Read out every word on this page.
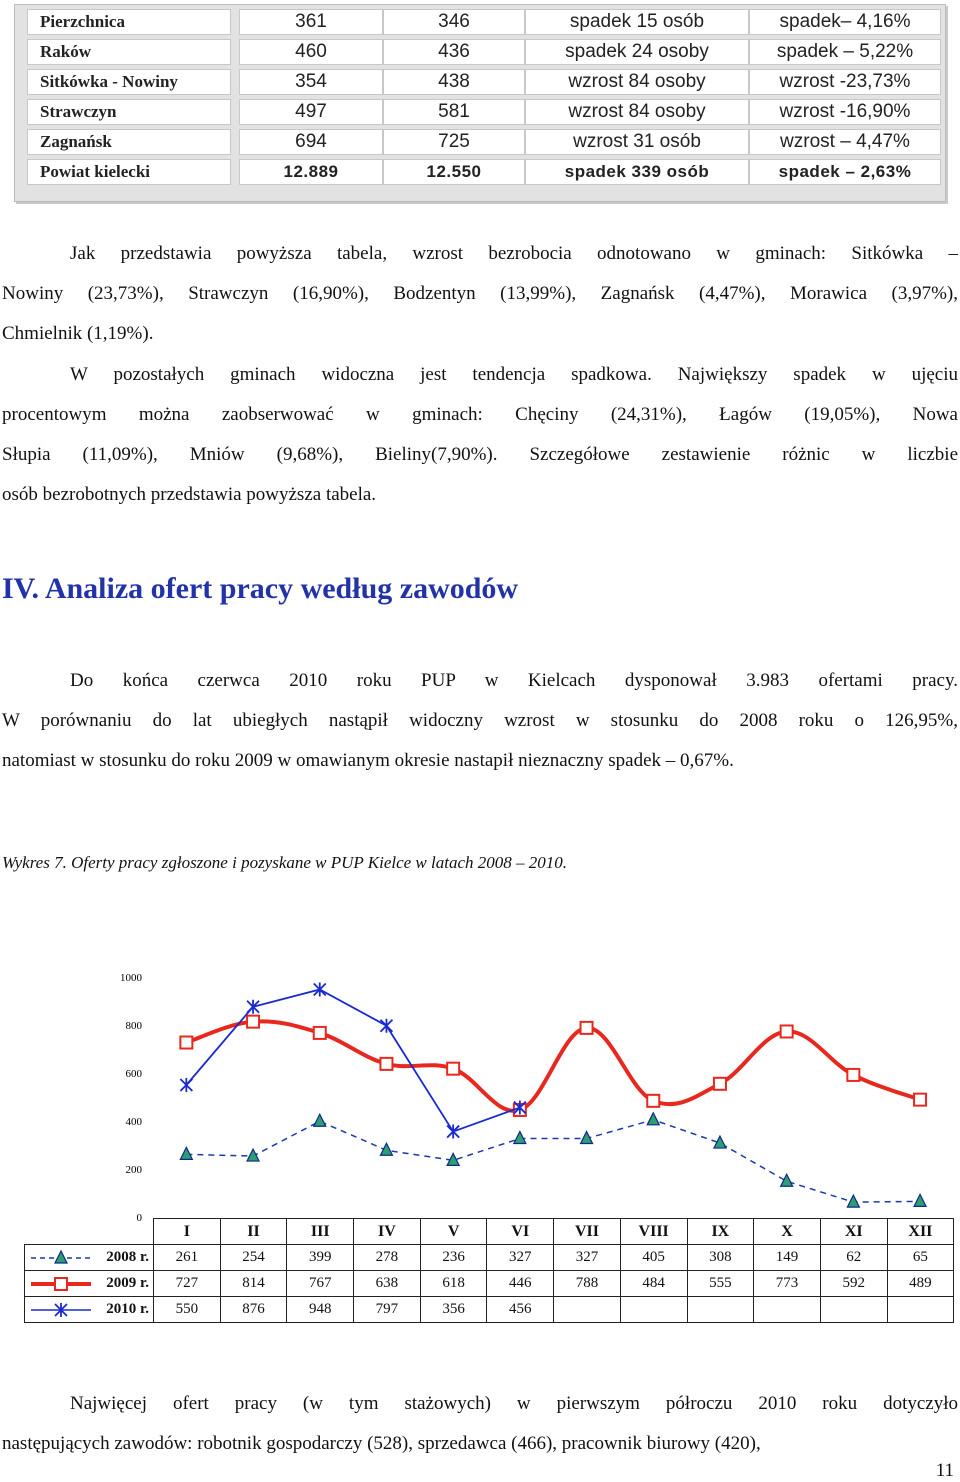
Pierzchnica	361	346	spadek 15 osób	spadek– 4,16%
Raków	460	436	spadek 24 osoby	spadek – 5,22%
Sitkówka - Nowiny	354	438	wzrost 84 osoby	wzrost -23,73%
Strawczyn	497	581	wzrost 84 osoby	wzrost -16,90%
Zagnańsk	694	725	wzrost 31 osób	wzrost – 4,47%
Powiat kielecki	12.889	12.550	spadek 339 osób	spadek – 2,63%
Jak przedstawia powyższa tabela, wzrost bezrobocia odnotowano w gminach: Sitkówka –
Nowiny (23,73%), Strawczyn (16,90%), Bodzentyn (13,99%), Zagnańsk (4,47%), Morawica (3,97%),
Chmielnik (1,19%).
W pozostałych gminach widoczna jest tendencja spadkowa. Największy spadek w ujęciu
procentowym można zaobserwować w gminach: Chęciny (24,31%), Łagów (19,05%), Nowa
Słupia (11,09%), Mniów (9,68%), Bieliny(7,90%). Szczegółowe zestawienie różnic w liczbie
osób bezrobotnych przedstawia powyższa tabela.
IV. Analiza ofert pracy według zawodów
Do końca czerwca 2010 roku PUP w Kielcach dysponował 3.983 ofertami pracy.
W porównaniu do lat ubiegłych nastąpił widoczny wzrost w stosunku do 2008 roku o 126,95%,
natomiast w stosunku do roku 2009 w omawianym okresie nastapił nieznaczny spadek – 0,67%.
Wykres 7. Oferty pracy zgłoszone i pozyskane w PUP Kielce w latach 2008 – 2010.
0
200
400
600
800
1000
	I	II	III	IV	V	VI	VII	VIII	IX	X	XI	XII

2008 r.	261	254	399	278	236	327	327	405	308	149	62	65

2009 r.	727	814	767	638	618	446	788	484	555	773	592	489

2010 r.	550	876	948	797	356	456						
Najwięcej ofert pracy (w tym stażowych) w pierwszym półroczu 2010 roku dotyczyło
następujących zawodów: robotnik gospodarczy (528), sprzedawca (466), pracownik biurowy (420),
11
